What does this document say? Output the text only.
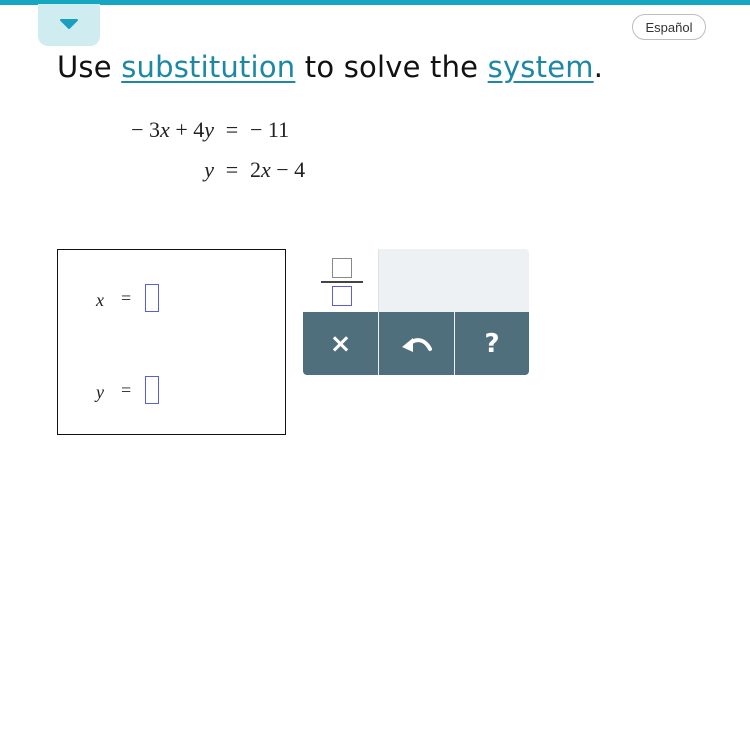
Español
Use substitution to solve the system.
− 3x + 4y = − 11
y = 2x − 4
x =
y =
×	?
